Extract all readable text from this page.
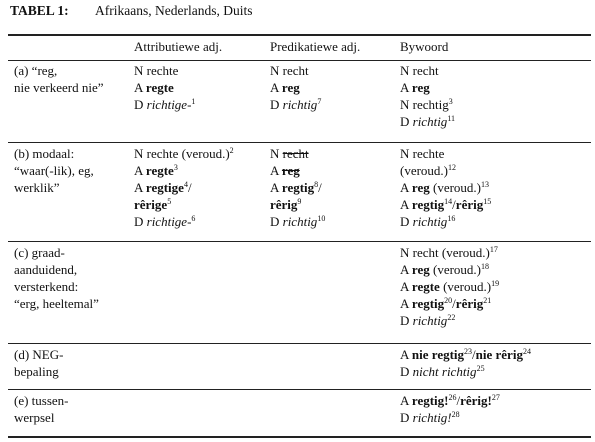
TABEL 1: Afrikaans, Nederlands, Duits
Attributiewe adj.	Predikatiewe adj.	Bywoord
(a) “reg,
nie verkeerd nie”
N rechte
A regte
D richtige-$^1$
N recht
A reg
D richtig$^7$
N recht
A reg
N rechtig$^3$
D richtig$^{11}$
(b) modaal:
“waar(-lik), eg,
werklik”
N rechte (veroud.)$^2$
A regte$^3$
A regtige$^4$/
rêrige$^5$
D richtige-$^6$
N recht
A reg
A regtig$^8$/
rêrig$^9$
D richtig$^{10}$
N rechte
(veroud.)$^{12}$
A reg (veroud.)$^{13}$
A regtig$^{14}$/rêrig$^{15}$
D richtig$^{16}$
(c) graad-
aanduidend,
versterkend:
“erg, heeltemal”
N recht (veroud.)$^{17}$
A reg (veroud.)$^{18}$
A regte (veroud.)$^{19}$
A regtig$^{20}$/rêrig$^{21}$
D richtig$^{22}$
(d) NEG-
bepaling
A nie regtig$^{23}$/nie rêrig$^{24}$
D nicht richtig$^{25}$
(e) tussen-
werpsel
A regtig!$^{26}$/rêrig!$^{27}$
D richtig!$^{28}$
